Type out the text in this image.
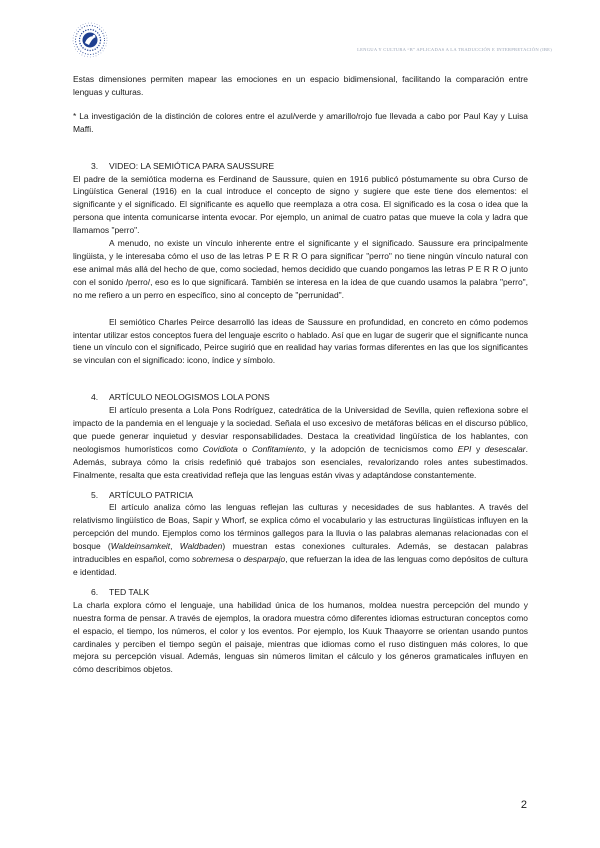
LENGUA Y CULTURA “B” APLICADAS A LA TRADUCCIÓN E INTERPRETACIÓN (IBE)

Estas dimensiones permiten mapear las emociones en un espacio bidimensional, facilitando la comparación entre lenguas y culturas.

* La investigación de la distinción de colores entre el azul/verde y amarillo/rojo fue llevada a cabo por Paul Kay y Luisa Maffi.

3. VIDEO: LA SEMIÓTICA PARA SAUSSURE

El padre de la semiótica moderna es Ferdinand de Saussure, quien en 1916 publicó póstumamente su obra Curso de Lingüística General (1916) en la cual introduce el concepto de signo y sugiere que este tiene dos elementos: el significante y el significado. El significante es aquello que reemplaza a otra cosa. El significado es la cosa o idea que la persona que intenta comunicarse intenta evocar. Por ejemplo, un animal de cuatro patas que mueve la cola y ladra que llamamos "perro".

A menudo, no existe un vínculo inherente entre el significante y el significado. Saussure era principalmente lingüista, y le interesaba cómo el uso de las letras P E R R O para significar "perro" no tiene ningún vínculo natural con ese animal más allá del hecho de que, como sociedad, hemos decidido que cuando pongamos las letras P E R R O junto con el sonido /perro/, eso es lo que significará. También se interesa en la idea de que cuando usamos la palabra "perro", no me refiero a un perro en específico, sino al concepto de "perrunidad".

El semiótico Charles Peirce desarrolló las ideas de Saussure en profundidad, en concreto en cómo podemos intentar utilizar estos conceptos fuera del lenguaje escrito o hablado. Así que en lugar de sugerir que el significante nunca tiene un vínculo con el significado, Peirce sugirió que en realidad hay varias formas diferentes en las que los significantes se vinculan con el significado: icono, índice y símbolo.

4. ARTÍCULO NEOLOGISMOS LOLA PONS

El artículo presenta a Lola Pons Rodríguez, catedrática de la Universidad de Sevilla, quien reflexiona sobre el impacto de la pandemia en el lenguaje y la sociedad. Señala el uso excesivo de metáforas bélicas en el discurso público, que puede generar inquietud y desviar responsabilidades. Destaca la creatividad lingüística de los hablantes, con neologismos humorísticos como Covidiota o Confitamiento, y la adopción de tecnicismos como EPI y desescalar. Además, subraya cómo la crisis redefinió qué trabajos son esenciales, revalorizando roles antes subestimados. Finalmente, resalta que esta creatividad refleja que las lenguas están vivas y adaptándose constantemente.

5. ARTÍCULO PATRICIA

El artículo analiza cómo las lenguas reflejan las culturas y necesidades de sus hablantes. A través del relativismo lingüístico de Boas, Sapir y Whorf, se explica cómo el vocabulario y las estructuras lingüísticas influyen en la percepción del mundo. Ejemplos como los términos gallegos para la lluvia o las palabras alemanas relacionadas con el bosque (Waldeinsamkeit, Waldbaden) muestran estas conexiones culturales. Además, se destacan palabras intraducibles en español, como sobremesa o desparpajo, que refuerzan la idea de las lenguas como depósitos de cultura e identidad.

6. TED TALK

La charla explora cómo el lenguaje, una habilidad única de los humanos, moldea nuestra percepción del mundo y nuestra forma de pensar. A través de ejemplos, la oradora muestra cómo diferentes idiomas estructuran conceptos como el espacio, el tiempo, los números, el color y los eventos. Por ejemplo, los Kuuk Thaayorre se orientan usando puntos cardinales y perciben el tiempo según el paisaje, mientras que idiomas como el ruso distinguen más colores, lo que mejora su percepción visual. Además, lenguas sin números limitan el cálculo y los géneros gramaticales influyen en cómo describimos objetos.

2
